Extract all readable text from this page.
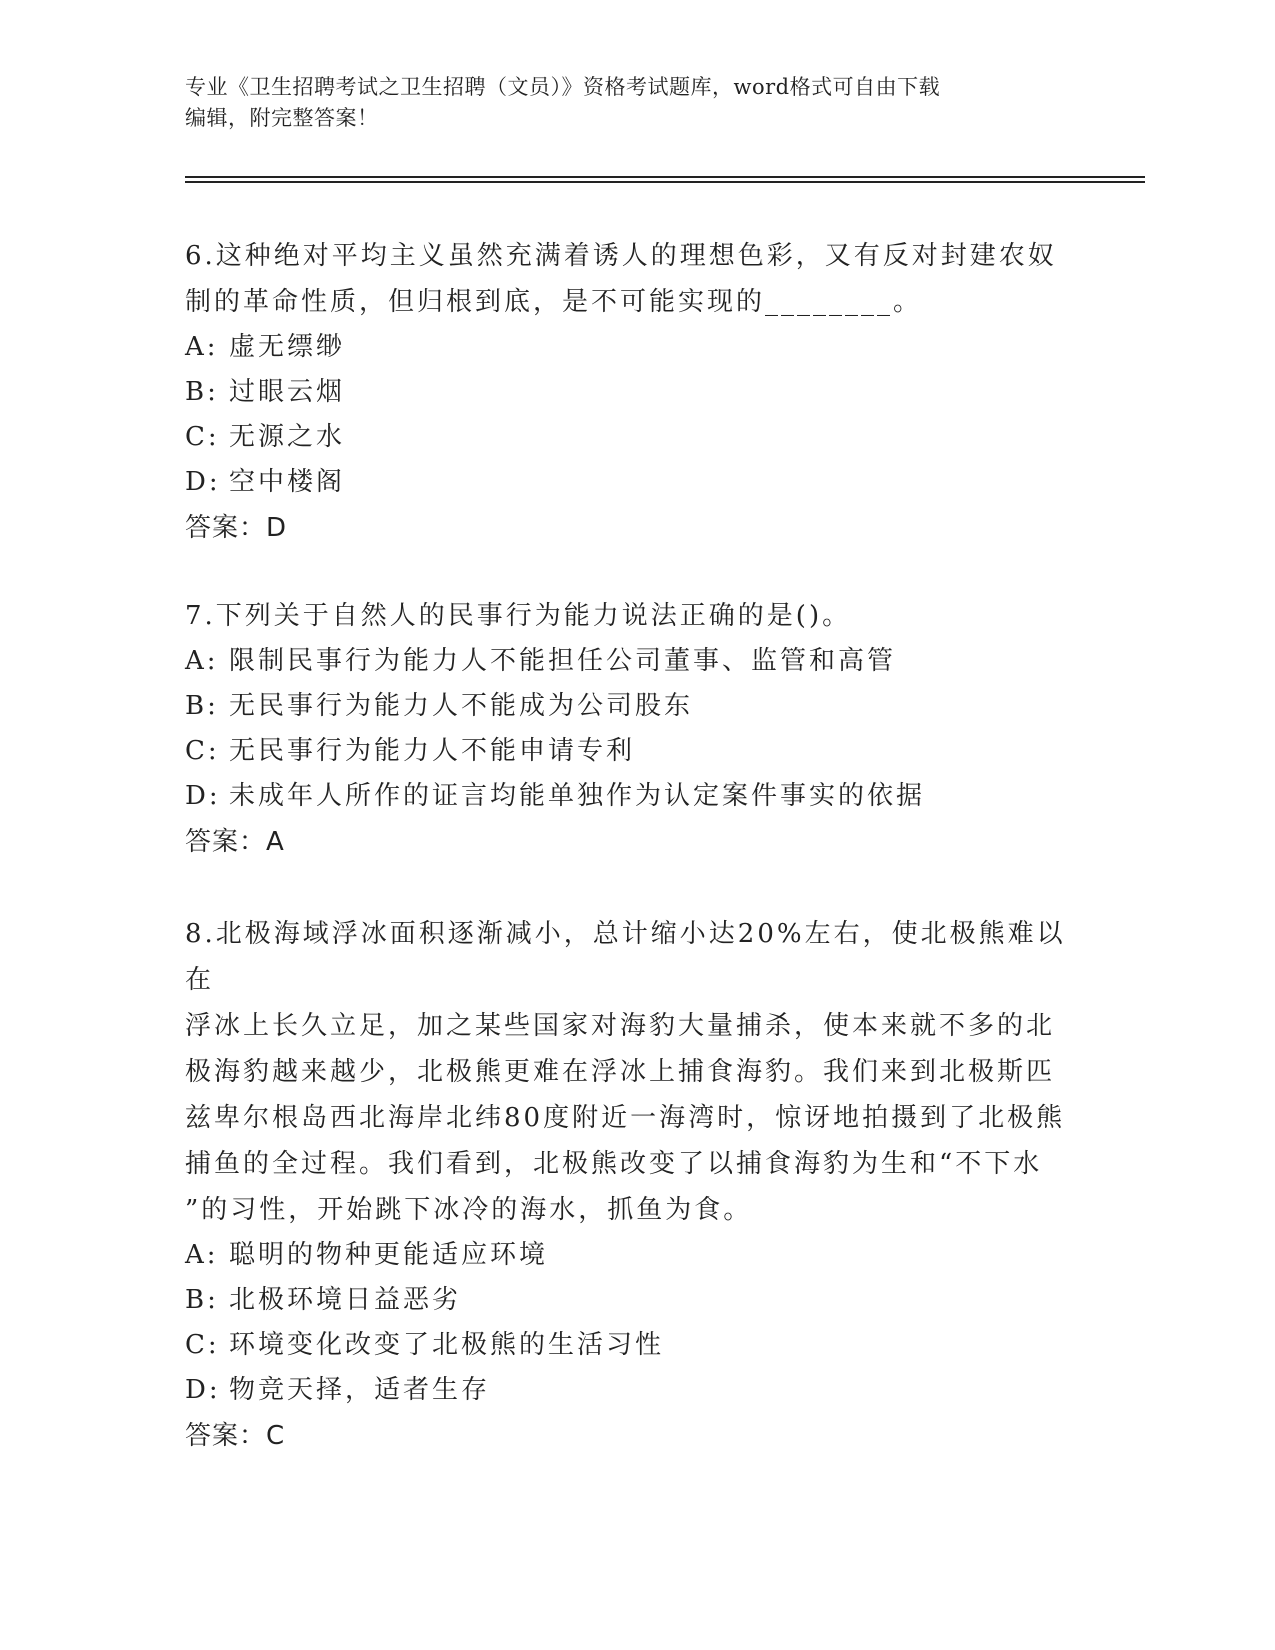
专业《卫生招聘考试之卫生招聘（文员）》资格考试题库，word格式可自由下载
编辑，附完整答案！

6.这种绝对平均主义虽然充满着诱人的理想色彩，又有反对封建农奴

制的革命性质，但归根到底，是不可能实现的________。

A: 虚无缥缈

B: 过眼云烟

C: 无源之水

D: 空中楼阁

答案：D

7.下列关于自然人的民事行为能力说法正确的是()。

A: 限制民事行为能力人不能担任公司董事、监管和高管

B: 无民事行为能力人不能成为公司股东

C: 无民事行为能力人不能申请专利

D: 未成年人所作的证言均能单独作为认定案件事实的依据

答案：A

8.北极海域浮冰面积逐渐减小，总计缩小达20%左右，使北极熊难以在

浮冰上长久立足，加之某些国家对海豹大量捕杀，使本来就不多的北

极海豹越来越少，北极熊更难在浮冰上捕食海豹。我们来到北极斯匹

兹卑尔根岛西北海岸北纬80度附近一海湾时，惊讶地拍摄到了北极熊

捕鱼的全过程。我们看到，北极熊改变了以捕食海豹为生和“不下水

”的习性，开始跳下冰冷的海水，抓鱼为食。

A: 聪明的物种更能适应环境

B: 北极环境日益恶劣

C: 环境变化改变了北极熊的生活习性

D: 物竞天择，适者生存

答案：C
